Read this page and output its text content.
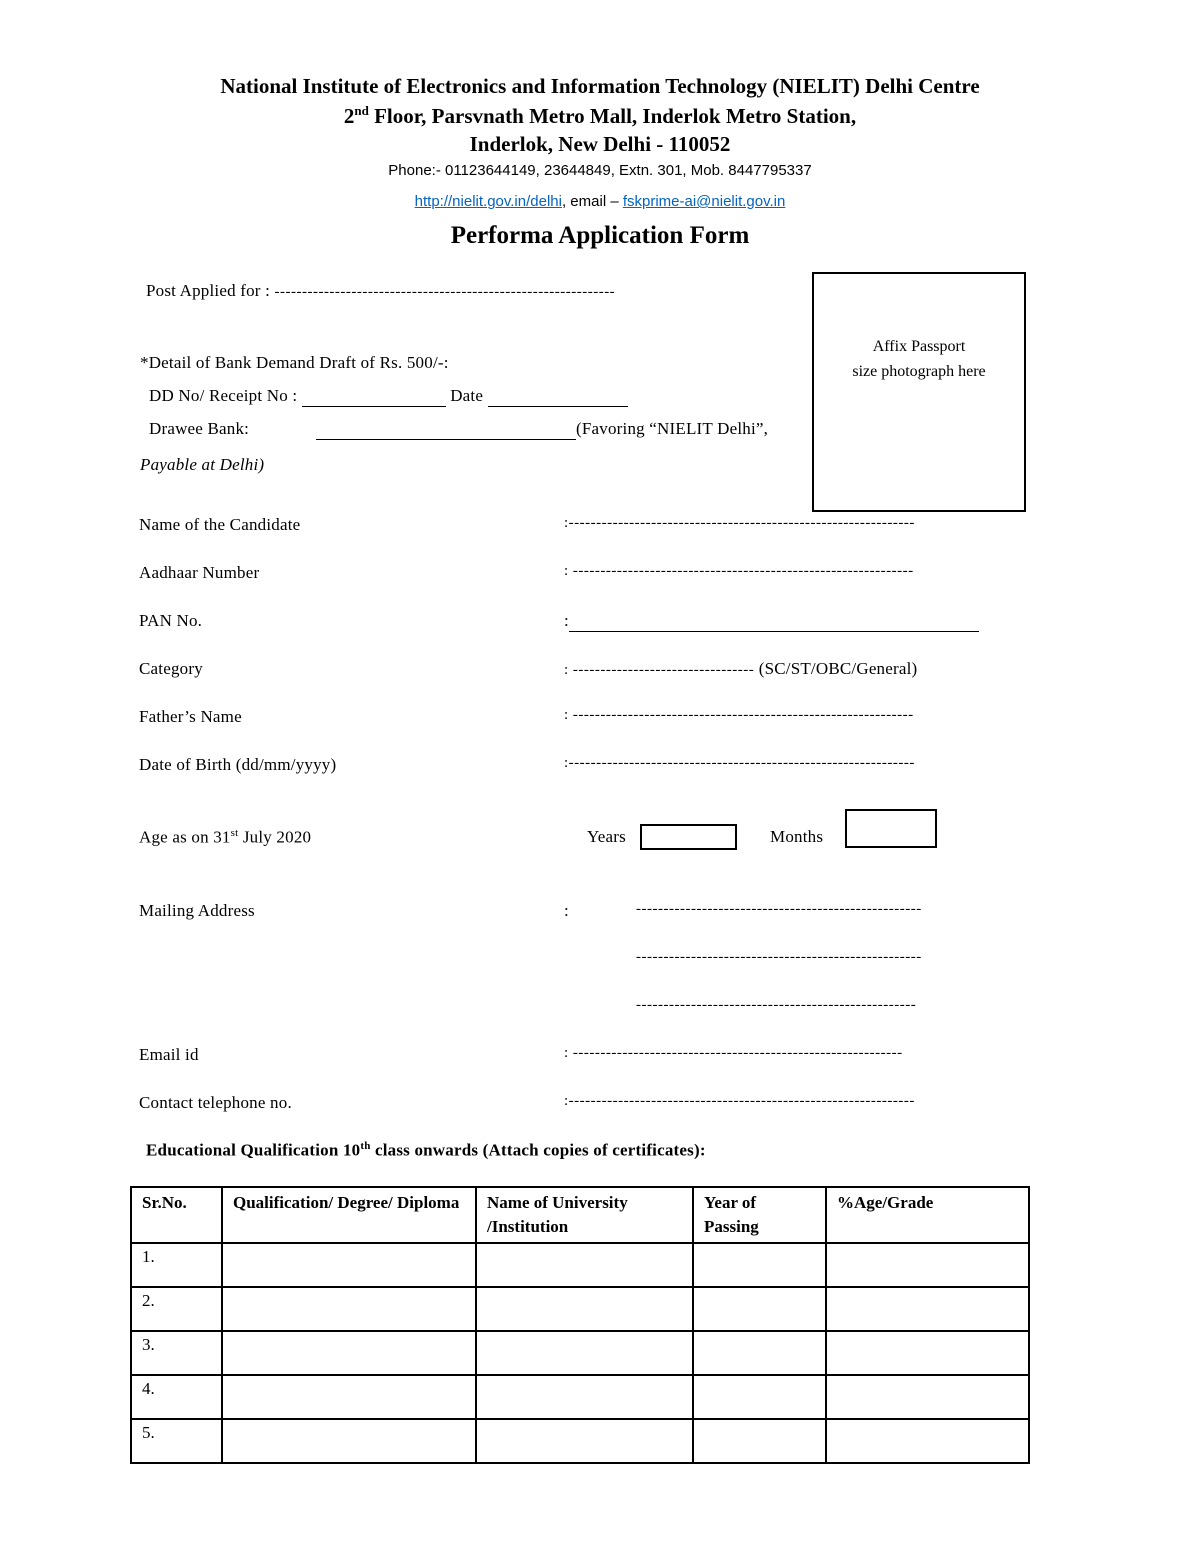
National Institute of Electronics and Information Technology (NIELIT) Delhi Centre
2nd Floor, Parsvnath Metro Mall, Inderlok Metro Station,
Inderlok, New Delhi - 110052
Phone:- 01123644149, 23644849, Extn. 301, Mob. 8447795337
http://nielit.gov.in/delhi, email – fskprime-ai@nielit.gov.in
Performa Application Form
Affix Passport
size photograph here
Post Applied for : --------------------------------------------------------------
*Detail of Bank Demand Draft of Rs. 500/-:
DD No/ Receipt No :	Date
Drawee Bank:	(Favoring “NIELIT Delhi”,
Payable at Delhi)
Name of the Candidate	:---------------------------------------------------------------
Aadhaar Number	: --------------------------------------------------------------
PAN No.	:
Category	: --------------------------------- (SC/ST/OBC/General)
Father’s Name	: --------------------------------------------------------------
Date of Birth (dd/mm/yyyy)	:---------------------------------------------------------------
Age as on 31st July 2020	Years	Months
Mailing Address	:	----------------------------------------------------
----------------------------------------------------
---------------------------------------------------
Email id	: ------------------------------------------------------------
Contact telephone no.	:---------------------------------------------------------------
Educational Qualification 10th class onwards (Attach copies of certificates):
Sr.No.	Qualification/ Degree/ Diploma	Name of University /Institution	Year of Passing	%Age/Grade
1.				
2.				
3.				
4.				
5.				
